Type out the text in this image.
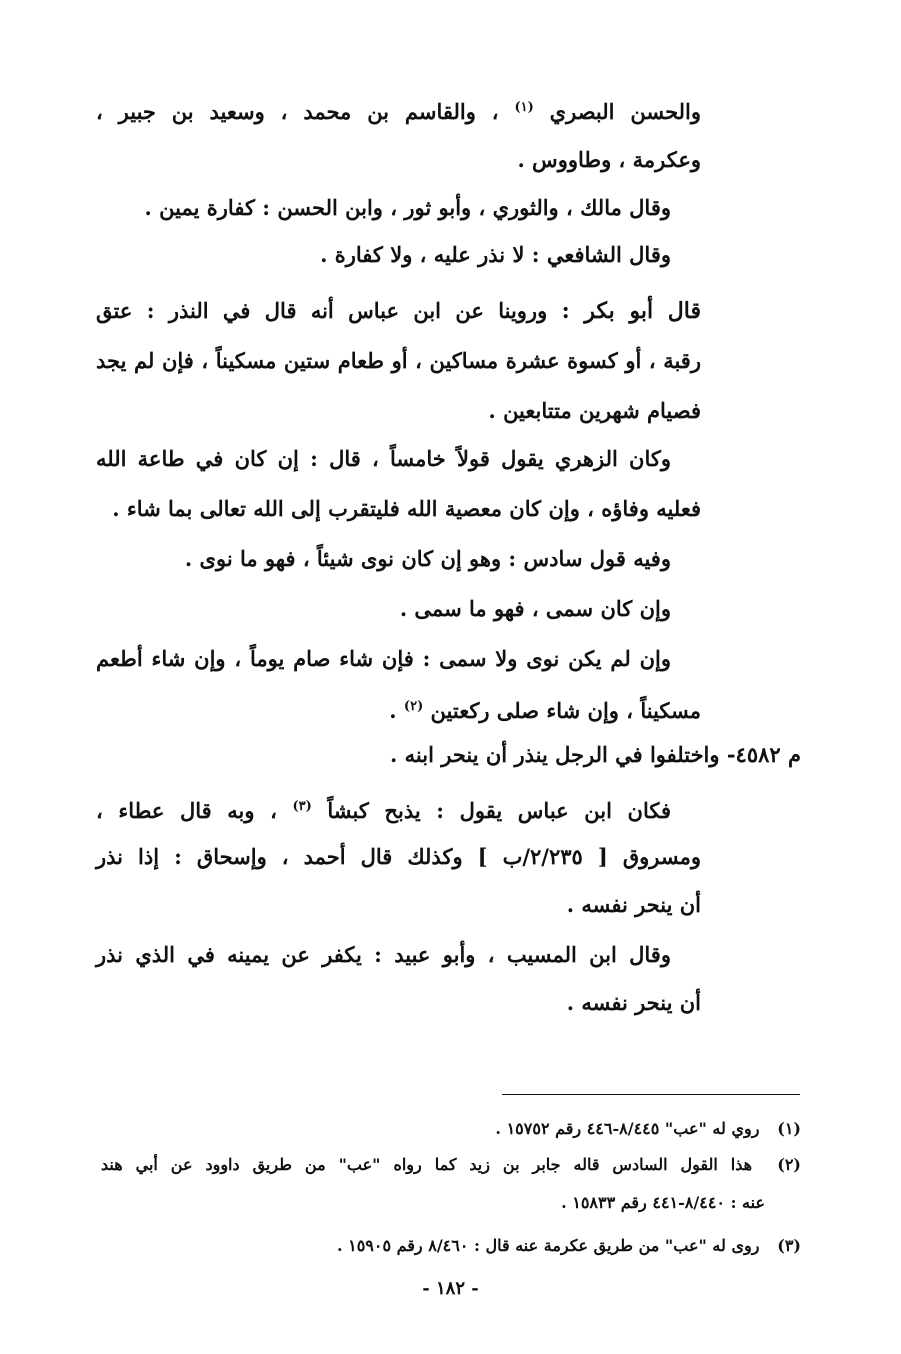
والحسن البصري $^{(١)}$ ، والقاسم بن محمد ، وسعيد بن جبير ،
وعكرمة ، وطاووس .
وقال مالك ، والثوري ، وأبو ثور ، وابن الحسن : كفارة يمين .
وقال الشافعي : لا نذر عليه ، ولا كفارة .
قال أبو بكر : وروينا عن ابن عباس أنه قال في النذر : عتق
رقبة ، أو كسوة عشرة مساكين ، أو طعام ستين مسكيناً ، فإن لم يجد
فصيام شهرين متتابعين .
وكان الزهري يقول قولاً خامساً ، قال : إن كان في طاعة الله
فعليه وفاؤه ، وإن كان معصية الله فليتقرب إلى الله تعالى بما شاء .
وفيه قول سادس : وهو إن كان نوى شيئاً ، فهو ما نوى .
وإن كان سمى ، فهو ما سمى .
وإن لم يكن نوى ولا سمى : فإن شاء صام يوماً ، وإن شاء أطعم
مسكيناً ، وإن شاء صلى ركعتين $^{(٢)}$ .
م ٤٥٨٢- واختلفوا في الرجل ينذر أن ينحر ابنه .
فكان ابن عباس يقول : يذبح كبشاً $^{(٣)}$ ، وبه قال عطاء ،
ومسروق [ ٢/٢٣٥/ب ] وكذلك قال أحمد ، وإسحاق : إذا نذر
أن ينحر نفسه .
وقال ابن المسيب ، وأبو عبيد : يكفر عن يمينه في الذي نذر
أن ينحر نفسه .
(١) روي له "عب" ٨/٤٤٥-٤٤٦ رقم ١٥٧٥٢ .
(٢) هذا القول السادس قاله جابر بن زيد كما رواه "عب" من طريق داوود عن أبي هند
عنه : ٨/٤٤٠-٤٤١ رقم ١٥٨٣٣ .
(٣) روى له "عب" من طريق عكرمة عنه قال : ٨/٤٦٠ رقم ١٥٩٠٥ .
- ١٨٢ -
